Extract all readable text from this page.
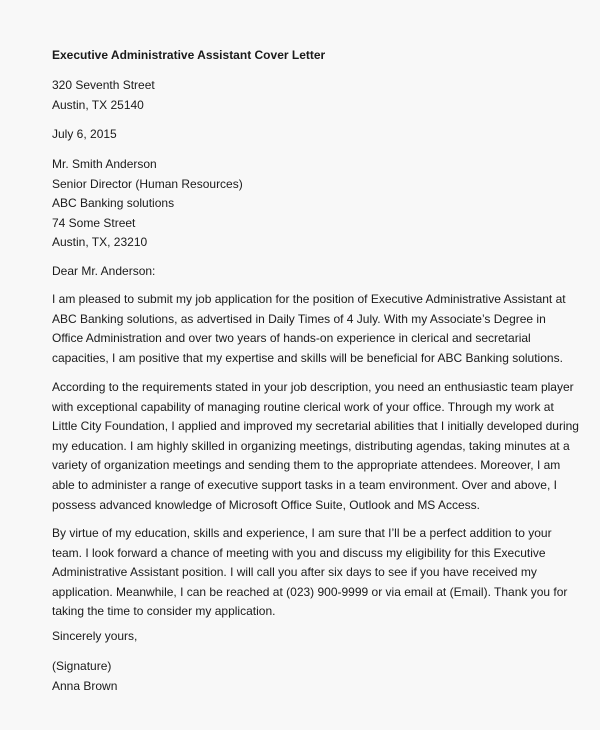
Executive Administrative Assistant Cover Letter
320 Seventh Street
Austin, TX 25140
July 6, 2015
Mr. Smith Anderson
Senior Director (Human Resources)
ABC Banking solutions
74 Some Street
Austin, TX, 23210
Dear Mr. Anderson:
I am pleased to submit my job application for the position of Executive Administrative Assistant at
ABC Banking solutions, as advertised in Daily Times of 4 July. With my Associate’s Degree in
Office Administration and over two years of hands-on experience in clerical and secretarial
capacities, I am positive that my expertise and skills will be beneficial for ABC Banking solutions.
According to the requirements stated in your job description, you need an enthusiastic team player
with exceptional capability of managing routine clerical work of your office. Through my work at
Little City Foundation, I applied and improved my secretarial abilities that I initially developed during
my education. I am highly skilled in organizing meetings, distributing agendas, taking minutes at a
variety of organization meetings and sending them to the appropriate attendees. Moreover, I am
able to administer a range of executive support tasks in a team environment. Over and above, I
possess advanced knowledge of Microsoft Office Suite, Outlook and MS Access.
By virtue of my education, skills and experience, I am sure that I’ll be a perfect addition to your
team. I look forward a chance of meeting with you and discuss my eligibility for this Executive
Administrative Assistant position. I will call you after six days to see if you have received my
application. Meanwhile, I can be reached at (023) 900-9999 or via email at (Email). Thank you for
taking the time to consider my application.
Sincerely yours,
(Signature)
Anna Brown
